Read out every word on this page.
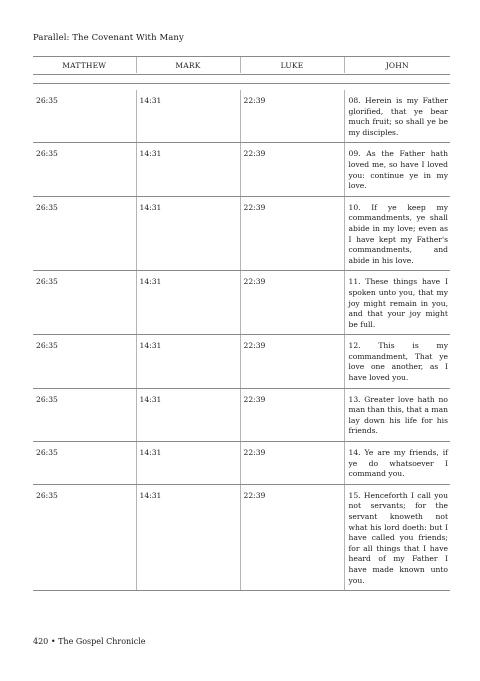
Parallel: The Covenant With Many
MATTHEW	MARK	LUKE	JOHN
26:35	14:31	22:39	08. Herein is my Father glorified, that ye bear much fruit; so shall ye be my disciples.
26:35	14:31	22:39	09. As the Father hath loved me, so have I loved you: continue ye in my love.
26:35	14:31	22:39	10. If ye keep my commandments, ye shall abide in my love; even as I have kept my Father's commandments, and abide in his love.
26:35	14:31	22:39	11. These things have I spoken unto you, that my joy might remain in you, and that your joy might be full.
26:35	14:31	22:39	12. This is my commandment, That ye love one another, as I have loved you.
26:35	14:31	22:39	13. Greater love hath no man than this, that a man lay down his life for his friends.
26:35	14:31	22:39	14. Ye are my friends, if ye do whatsoever I command you.
26:35	14:31	22:39	15. Henceforth I call you not servants; for the servant knoweth not what his lord doeth: but I have called you friends; for all things that I have heard of my Father I have made known unto you.
420 • The Gospel Chronicle
